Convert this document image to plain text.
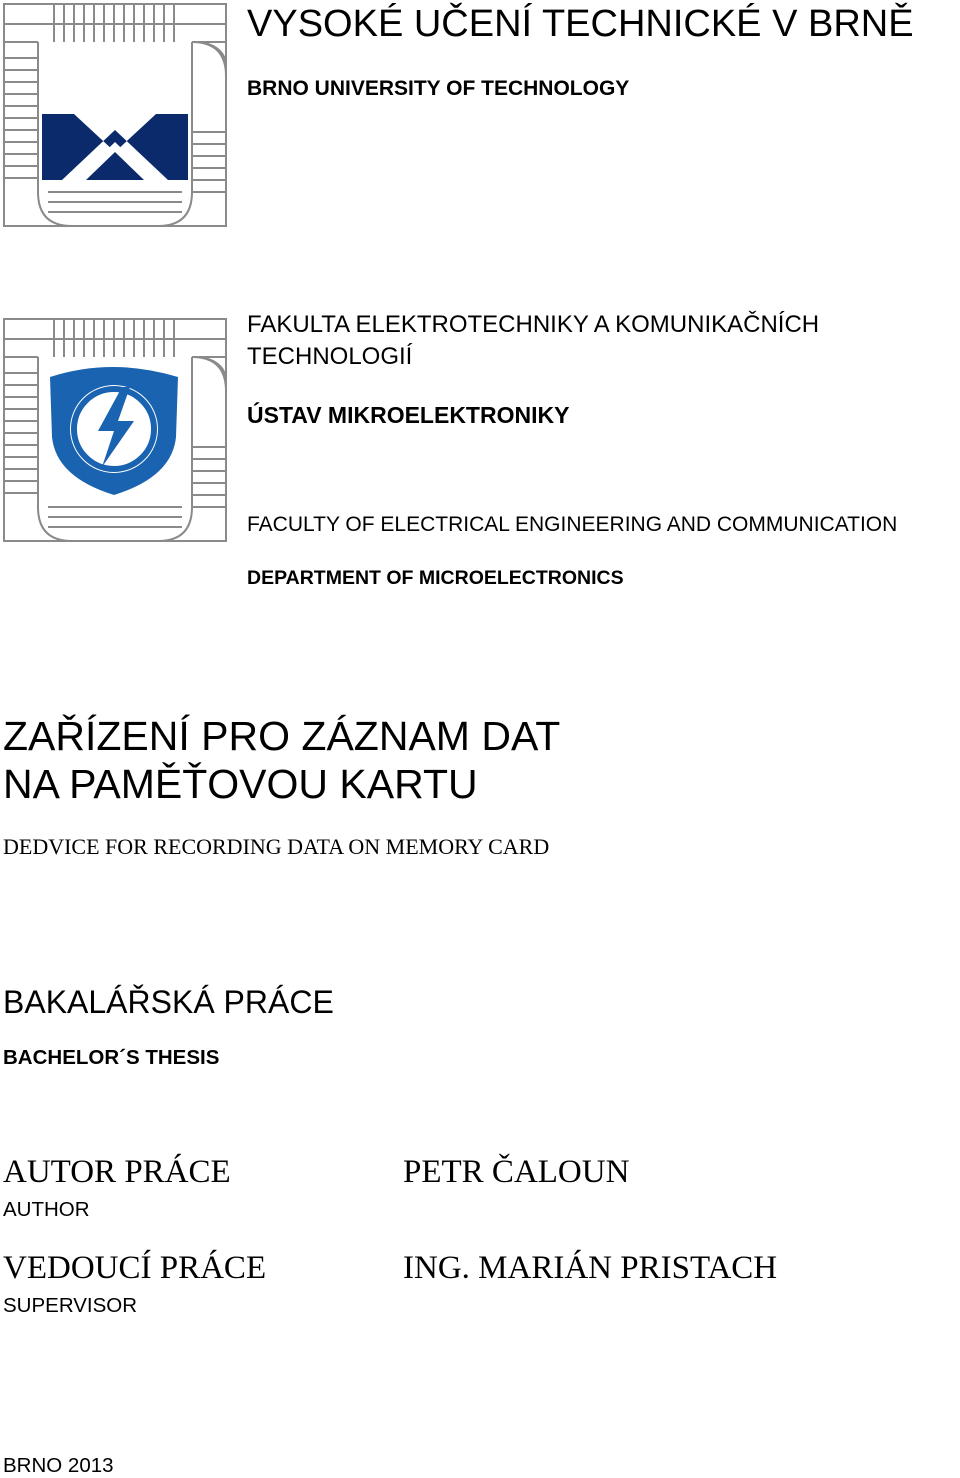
VYSOKÉ UČENÍ TECHNICKÉ V BRNĚ
BRNO UNIVERSITY OF TECHNOLOGY
FAKULTA ELEKTROTECHNIKY A KOMUNIKAČNÍCH TECHNOLOGIÍ
ÚSTAV MIKROELEKTRONIKY
FACULTY OF ELECTRICAL ENGINEERING AND COMMUNICATION
DEPARTMENT OF MICROELECTRONICS
ZAŘÍZENÍ PRO ZÁZNAM DAT NA PAMĚŤOVOU KARTU
DEDVICE FOR RECORDING DATA ON MEMORY CARD
BAKALÁŘSKÁ PRÁCE
BACHELOR´S THESIS
AUTOR PRÁCE
AUTHOR
PETR ČALOUN
VEDOUCÍ PRÁCE
SUPERVISOR
ING. MARIÁN PRISTACH
BRNO 2013
